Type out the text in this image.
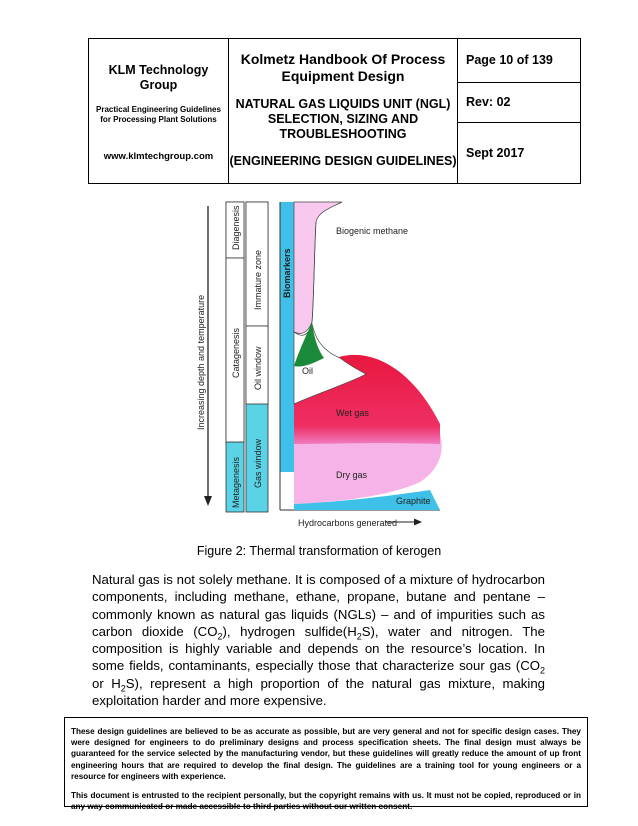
KLM Technology Group
Practical Engineering Guidelines for Processing Plant Solutions
www.klmtechgroup.com
Kolmetz Handbook Of Process Equipment Design
NATURAL GAS LIQUIDS UNIT (NGL) SELECTION, SIZING AND TROUBLESHOOTING
(ENGINEERING DESIGN GUIDELINES)
Page 10 of 139
Rev: 02
Sept 2017
Increasing depth and temperature
Diagenesis
Catagenesis
Metagenesis
Immature zone
Oil window
Gas window
Biomarkers
Biogenic methane
Oil
Wet gas
Dry gas
Graphite
Hydrocarbons generated
Figure 2: Thermal transformation of kerogen
Natural gas is not solely methane. It is composed of a mixture of hydrocarbon components, including methane, ethane, propane, butane and pentane – commonly known as natural gas liquids (NGLs) – and of impurities such as carbon dioxide $(CO_2)$, hydrogen $sulfide(H_2S)$, water and nitrogen. The composition is highly variable and depends on the resource’s location. In some fields, contaminants, especially those that characterize sour gas ($CO_2$ or $H_2S$), represent a high proportion of the natural gas mixture, making exploitation harder and more expensive.

These design guidelines are believed to be as accurate as possible, but are very general and not for specific design cases. They were designed for engineers to do preliminary designs and process specification sheets. The final design must always be guaranteed for the service selected by the manufacturing vendor, but these guidelines will greatly reduce the amount of up front engineering hours that are required to develop the final design. The guidelines are a training tool for young engineers or a resource for engineers with experience.

This document is entrusted to the recipient personally, but the copyright remains with us. It must not be copied, reproduced or in any way communicated or made accessible to third parties without our written consent.
